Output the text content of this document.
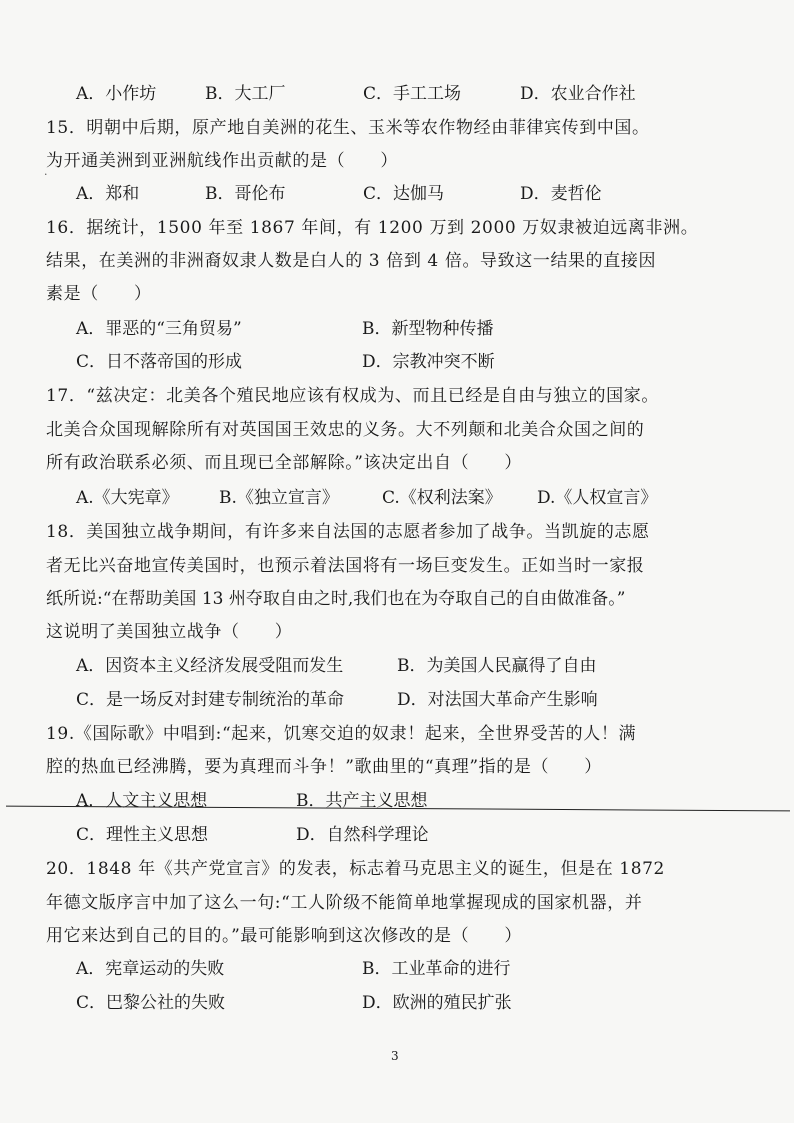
A．小作坊	B．大工厂	C．手工工场	D．农业合作社
15．明朝中后期，原产地自美洲的花生、玉米等农作物经由菲律宾传到中国。
为开通美洲到亚洲航线作出贡献的是（　　）
A．郑和	B．哥伦布	C．达伽马	D．麦哲伦
16．据统计，1500 年至 1867 年间，有 1200 万到 2000 万奴隶被迫远离非洲。
结果，在美洲的非洲裔奴隶人数是白人的 3 倍到 4 倍。导致这一结果的直接因
素是（　　）
A．罪恶的“三角贸易”	B．新型物种传播
C．日不落帝国的形成	D．宗教冲突不断
17．“兹决定：北美各个殖民地应该有权成为、而且已经是自由与独立的国家。
北美合众国现解除所有对英国国王效忠的义务。大不列颠和北美合众国之间的
所有政治联系必须、而且现已全部解除。”该决定出自（　　）
A.《大宪章》 B.《独立宣言》	C.《权利法案》 D.《人权宣言》
18．美国独立战争期间，有许多来自法国的志愿者参加了战争。当凯旋的志愿
者无比兴奋地宣传美国时，也预示着法国将有一场巨变发生。正如当时一家报
纸所说:“在帮助美国 13 州夺取自由之时,我们也在为夺取自己的自由做准备。”
这说明了美国独立战争（　　）
A．因资本主义经济发展受阻而发生	B．为美国人民赢得了自由
C．是一场反对封建专制统治的革命	D．对法国大革命产生影响
19.《国际歌》中唱到:“起来，饥寒交迫的奴隶！起来，全世界受苦的人！满
腔的热血已经沸腾，要为真理而斗争！”歌曲里的“真理”指的是（　　）
A．人文主义思想	B．共产主义思想
C．理性主义思想	D．自然科学理论
20．1848 年《共产党宣言》的发表，标志着马克思主义的诞生，但是在 1872
年德文版序言中加了这么一句:“工人阶级不能简单地掌握现成的国家机器，并
用它来达到自己的目的。”最可能影响到这次修改的是（　　）
A．宪章运动的失败	B．工业革命的进行
C．巴黎公社的失败	D．欧洲的殖民扩张
3
·
